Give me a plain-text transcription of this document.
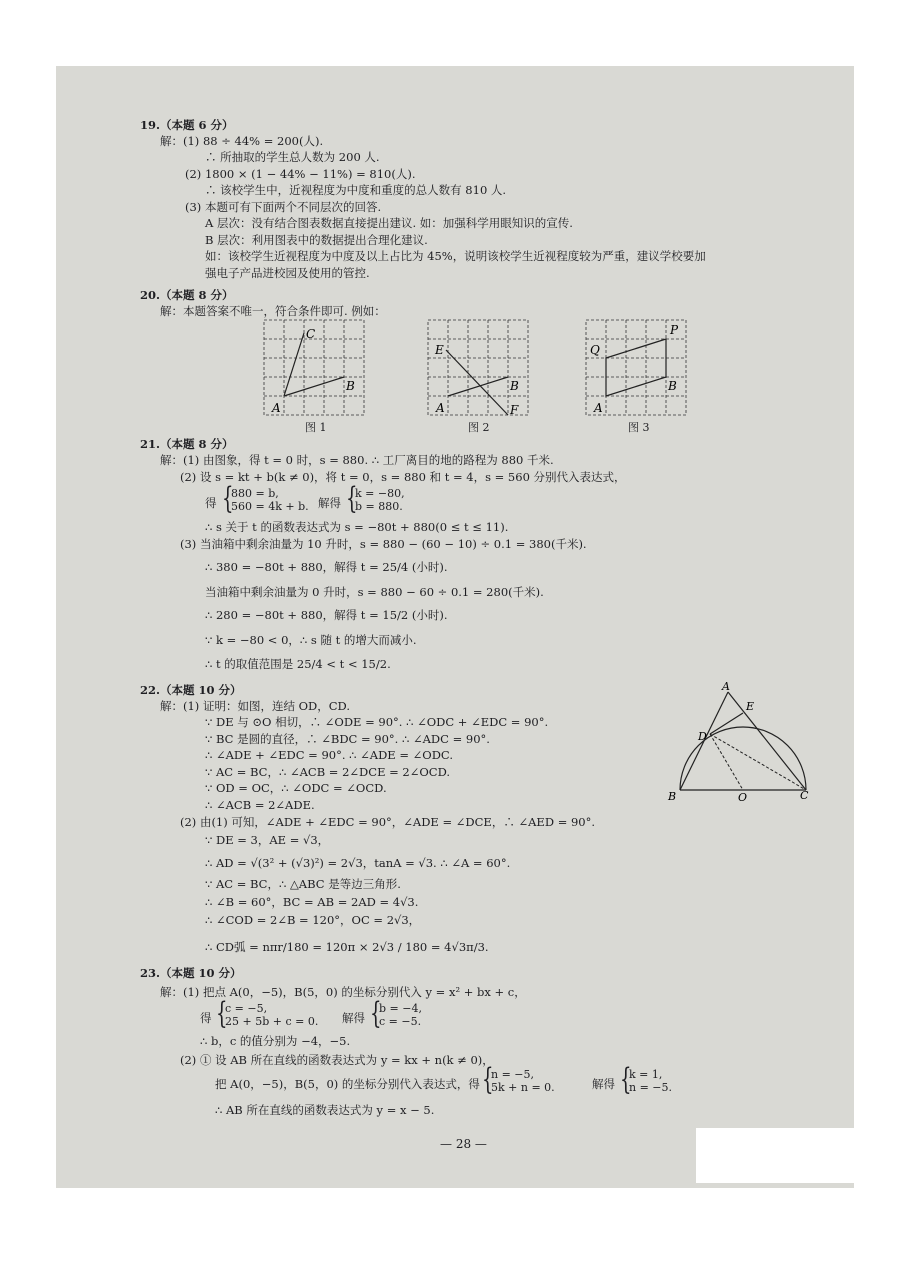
19.（本题 6 分）
解：(1) 88 ÷ 44% = 200(人).
∴ 所抽取的学生总人数为 200 人.
(2) 1800 × (1 − 44% − 11%) = 810(人).
∴ 该校学生中，近视程度为中度和重度的总人数有 810 人.
(3) 本题可有下面两个不同层次的回答.
A 层次：没有结合图表数据直接提出建议. 如：加强科学用眼知识的宣传.
B 层次：利用图表中的数据提出合理化建议.
如：该校学生近视程度为中度及以上占比为 45%，说明该校学生近视程度较为严重，建议学校要加
强电子产品进校园及使用的管控.
20.（本题 8 分）
解：本题答案不唯一，符合条件即可. 例如：
A
B
C
图 1
A
B
E
F
图 2
A
B
P
Q
图 3
21.（本题 8 分）
解：(1) 由图象，得 t = 0 时，s = 880. ∴ 工厂离目的地的路程为 880 千米.
(2) 设 s = kt + b(k ≠ 0)，将 t = 0，s = 880 和 t = 4，s = 560 分别代入表达式，
得 {
880 = b,
560 = 4k + b. 解得 {
k = −80,
b = 880.
∴ s 关于 t 的函数表达式为 s = −80t + 880(0 ≤ t ≤ 11).
(3) 当油箱中剩余油量为 10 升时，s = 880 − (60 − 10) ÷ 0.1 = 380(千米).
∴ 380 = −80t + 880，解得 t = 25/4 (小时).
当油箱中剩余油量为 0 升时，s = 880 − 60 ÷ 0.1 = 280(千米).
∴ 280 = −80t + 880，解得 t = 15/2 (小时).
∵ k = −80 < 0，∴ s 随 t 的增大而减小.
∴ t 的取值范围是 25/4 < t < 15/2.
22.（本题 10 分）
解：(1) 证明：如图，连结 OD，CD.
∵ DE 与 ⊙O 相切，∴ ∠ODE = 90°. ∴ ∠ODC + ∠EDC = 90°.
∵ BC 是圆的直径，∴ ∠BDC = 90°. ∴ ∠ADC = 90°.
∴ ∠ADE + ∠EDC = 90°. ∴ ∠ADE = ∠ODC.
∵ AC = BC，∴ ∠ACB = 2∠DCE = 2∠OCD.
∵ OD = OC，∴ ∠ODC = ∠OCD.
∴ ∠ACB = 2∠ADE.
(2) 由(1) 可知，∠ADE + ∠EDC = 90°，∠ADE = ∠DCE，∴ ∠AED = 90°.
∵ DE = 3，AE = √3，
∴ AD = √(3² + (√3)²) = 2√3，tanA = √3. ∴ ∠A = 60°.
∵ AC = BC，∴ △ABC 是等边三角形.
∴ ∠B = 60°，BC = AB = 2AD = 4√3.
∴ ∠COD = 2∠B = 120°，OC = 2√3，
∴ CD弧 = nπr/180 = 120π × 2√3 / 180 = 4√3π/3.
A
E
D
B	O	C
23.（本题 10 分）
解：(1) 把点 A(0，−5)，B(5，0) 的坐标分别代入 y = x² + bx + c，
得 {
c = −5,
25 + 5b + c = 0. 解得 {
b = −4,
c = −5.
∴ b，c 的值分别为 −4，−5.
(2) ① 设 AB 所在直线的函数表达式为 y = kx + n(k ≠ 0)，
把 A(0，−5)，B(5，0) 的坐标分别代入表达式，得 {
n = −5,
5k + n = 0.	解得 {
k = 1,
n = −5.
∴ AB 所在直线的函数表达式为 y = x − 5.
— 28 —
